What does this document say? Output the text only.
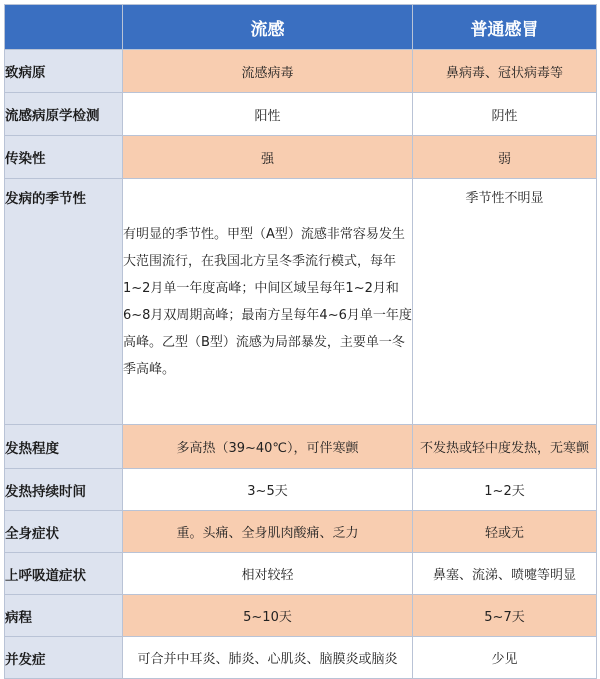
	流感	普通感冒
致病原	流感病毒	鼻病毒、冠状病毒等
流感病原学检测	阳性	阴性
传染性	强	弱
发病的季节性	有明显的季节性。甲型（A型）流感非常容易发生大范围流行，在我国北方呈冬季流行模式，每年1~2月单一年度高峰；中间区域呈每年1~2月和6~8月双周期高峰；最南方呈每年4~6月单一年度高峰。乙型（B型）流感为局部暴发，主要单一冬季高峰。	季节性不明显
发热程度	多高热（39~40℃），可伴寒颤	不发热或轻中度发热，无寒颤
发热持续时间	3~5天	1~2天
全身症状	重。头痛、全身肌肉酸痛、乏力	轻或无
上呼吸道症状	相对较轻	鼻塞、流涕、喷嚏等明显
病程	5~10天	5~7天
并发症	可合并中耳炎、肺炎、心肌炎、脑膜炎或脑炎	少见
